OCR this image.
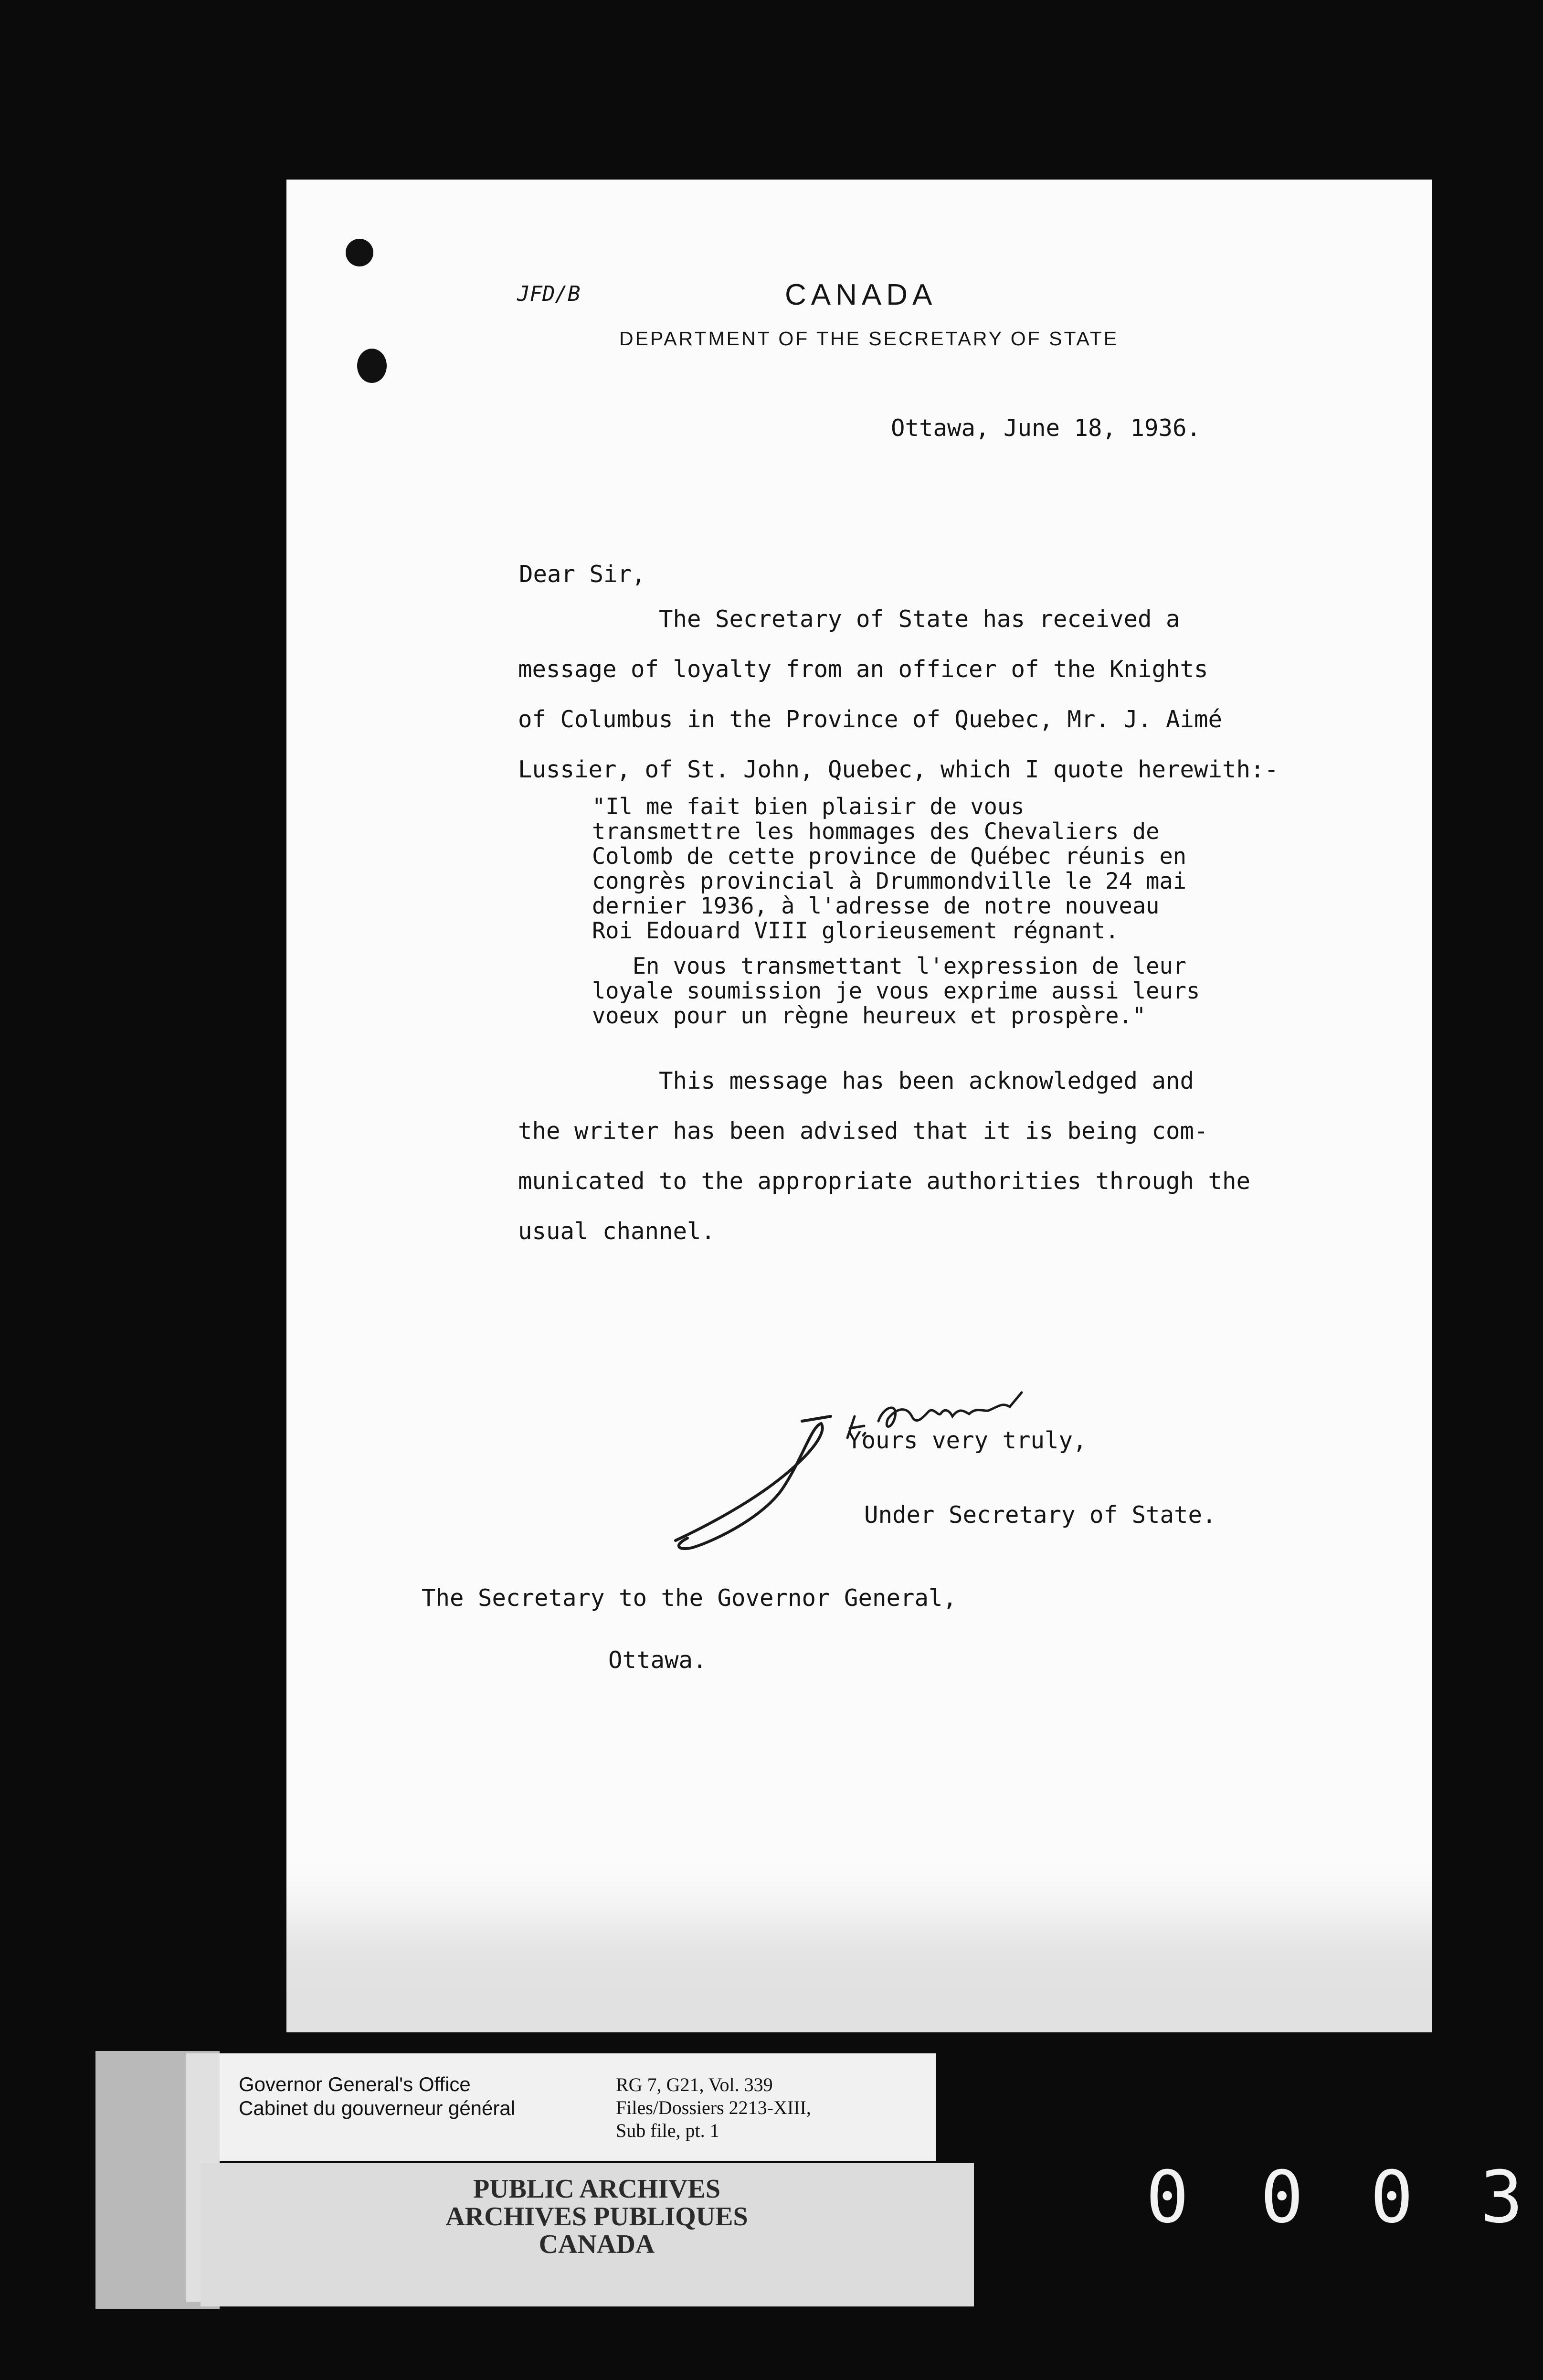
JFD/B	CANADA
DEPARTMENT OF THE SECRETARY OF STATE
Ottawa, June 18, 1936.
Dear Sir,
The Secretary of State has received a
message of loyalty from an officer of the Knights
of Columbus in the Province of Quebec, Mr. J. Aimé
Lussier, of St. John, Quebec, which I quote herewith:-
"Il me fait bien plaisir de vous
transmettre les hommages des Chevaliers de
Colomb de cette province de Québec réunis en
congrès provincial à Drummondville le 24 mai
dernier 1936, à l'adresse de notre nouveau
Roi Edouard VIII glorieusement régnant.
En vous transmettant l'expression de leur
loyale soumission je vous exprime aussi leurs
voeux pour un règne heureux et prospère."
This message has been acknowledged and
the writer has been advised that it is being com-
municated to the appropriate authorities through the
usual channel.
Yours very truly,
Under Secretary of State.
The Secretary to the Governor General,
Ottawa.
Governor General's Office
Cabinet du gouverneur général
RG 7, G21, Vol. 339
Files/Dossiers 2213-XIII,
Sub file, pt. 1
PUBLIC ARCHIVES
ARCHIVES PUBLIQUES
CANADA
0 0 0 3
